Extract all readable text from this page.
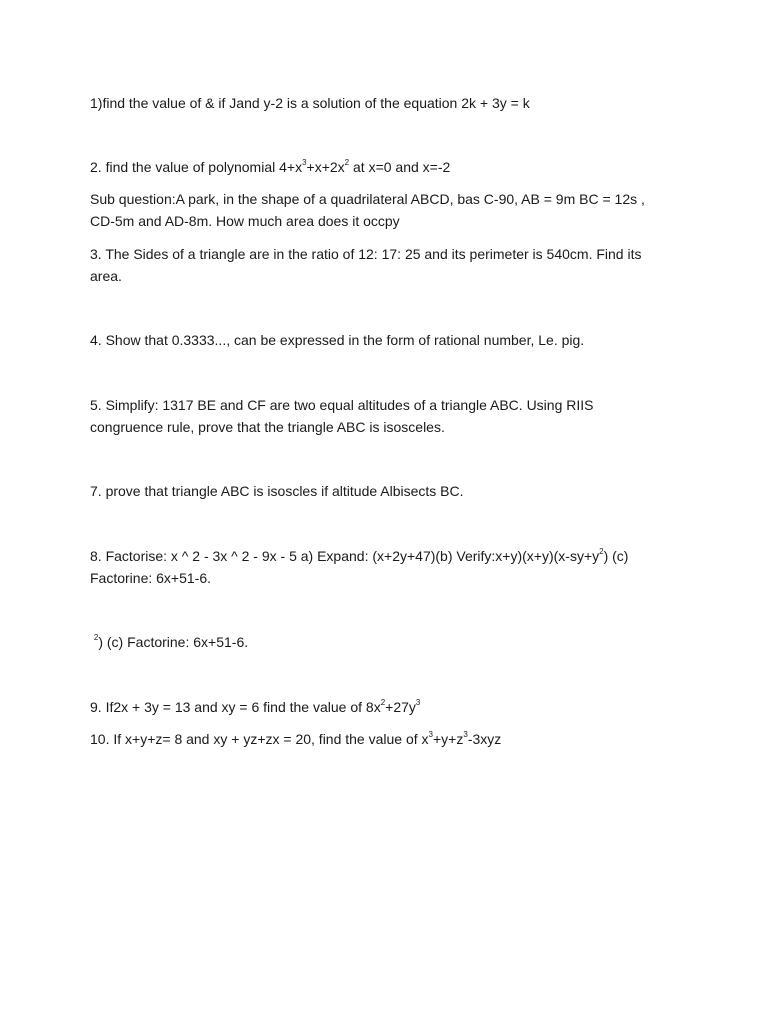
1)find the value of & if Jand y-2 is a solution of the equation 2k + 3y = k
2. find the value of polynomial $4+x^3+x+2x^2$ at x=0 and x=-2
Sub question:A park, in the shape of a quadrilateral ABCD, bas C-90, AB = 9m BC = 12s , CD-5m and AD-8m. How much area does it occpy
3. The Sides of a triangle are in the ratio of 12: 17: 25 and its perimeter is 540cm. Find its area.
4. Show that 0.3333..., can be expressed in the form of rational number, Le. pig.
5. Simplify: 1317 BE and CF are two equal altitudes of a triangle ABC. Using RIIS congruence rule, prove that the triangle ABC is isosceles.
7. prove that triangle ABC is isoscles if altitude Albisects BC.
8. Factorise: x ^ 2 - 3x ^ 2 - 9x - 5 a) Expand: (x+2y+47)(b) $Verify:x+y)(x+y)(x-sy+y^2)$ (c) Factorine: 6x+51-6.
$^2$) (c) Factorine: 6x+51-6.
9. If2x + 3y = 13 and xy = 6 find the value of $8x^2+27y^3$
10. If x+y+z= 8 and xy + yz+zx = 20, find the value of $x^3+y+z^3-3xyz$
